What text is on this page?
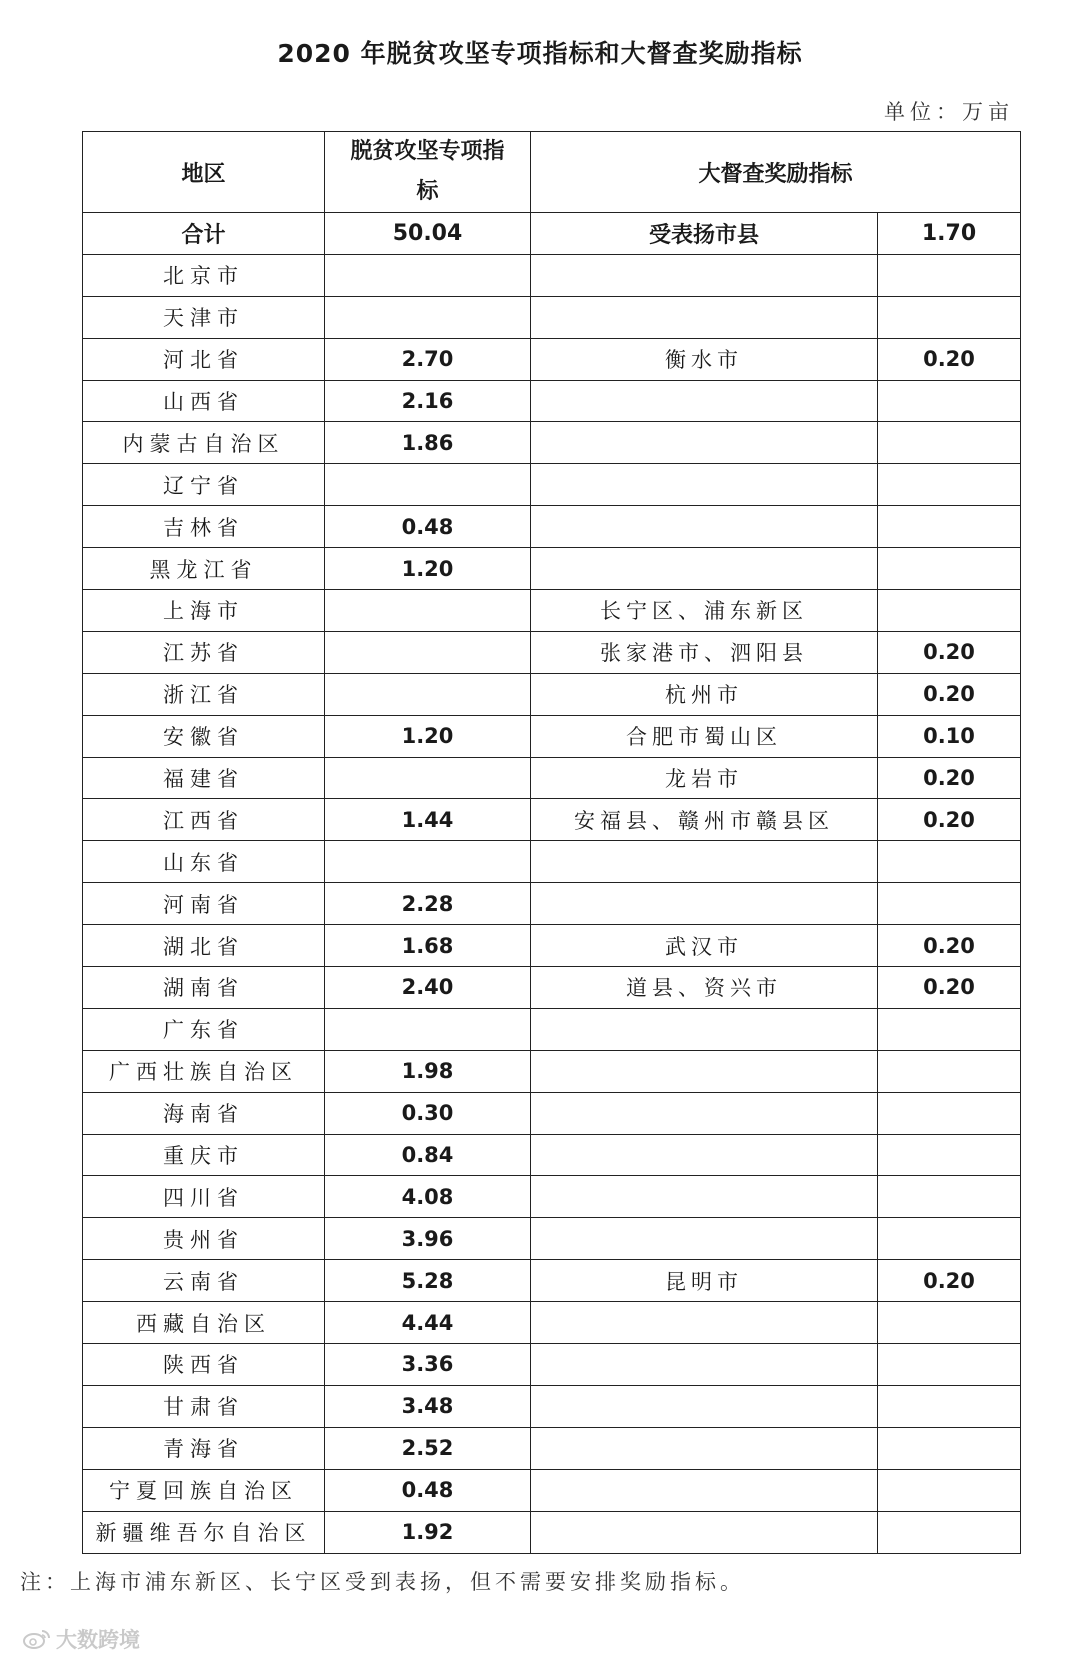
2020 年脱贫攻坚专项指标和大督查奖励指标
单位：万亩
地区	脱贫攻坚专项指标	大督查奖励指标	
合计	50.04	受表扬市县	1.70
北京市			
天津市			
河北省	2.70	衡水市	0.20
山西省	2.16		
内蒙古自治区	1.86		
辽宁省			
吉林省	0.48		
黑龙江省	1.20		
上海市		长宁区、浦东新区	
江苏省		张家港市、泗阳县	0.20
浙江省		杭州市	0.20
安徽省	1.20	合肥市蜀山区	0.10
福建省		龙岩市	0.20
江西省	1.44	安福县、赣州市赣县区	0.20
山东省			
河南省	2.28		
湖北省	1.68	武汉市	0.20
湖南省	2.40	道县、资兴市	0.20
广东省			
广西壮族自治区	1.98		
海南省	0.30		
重庆市	0.84		
四川省	4.08		
贵州省	3.96		
云南省	5.28	昆明市	0.20
西藏自治区	4.44		
陕西省	3.36		
甘肃省	3.48		
青海省	2.52		
宁夏回族自治区	0.48		
新疆维吾尔自治区	1.92		
注：上海市浦东新区、长宁区受到表扬，但不需要安排奖励指标。
大数跨境
